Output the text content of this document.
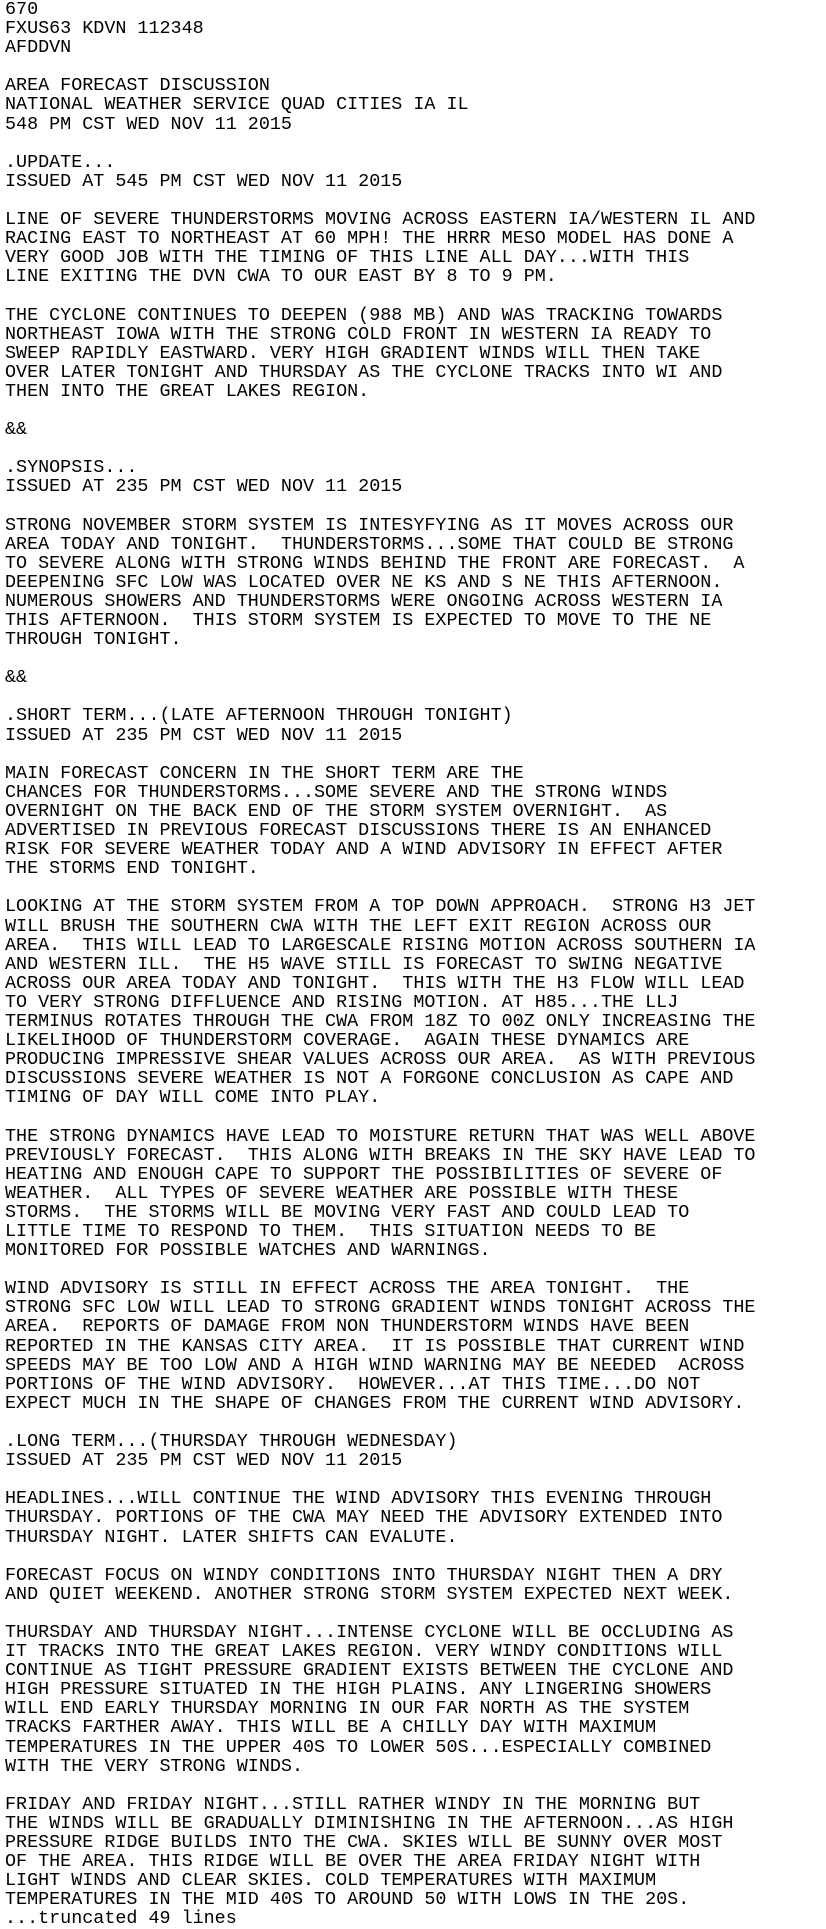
670
FXUS63 KDVN 112348
AFDDVN
AREA FORECAST DISCUSSION
NATIONAL WEATHER SERVICE QUAD CITIES IA IL
548 PM CST WED NOV 11 2015
.UPDATE...
ISSUED AT 545 PM CST WED NOV 11 2015
LINE OF SEVERE THUNDERSTORMS MOVING ACROSS EASTERN IA/WESTERN IL AND
RACING EAST TO NORTHEAST AT 60 MPH! THE HRRR MESO MODEL HAS DONE A
VERY GOOD JOB WITH THE TIMING OF THIS LINE ALL DAY...WITH THIS
LINE EXITING THE DVN CWA TO OUR EAST BY 8 TO 9 PM.
THE CYCLONE CONTINUES TO DEEPEN (988 MB) AND WAS TRACKING TOWARDS
NORTHEAST IOWA WITH THE STRONG COLD FRONT IN WESTERN IA READY TO
SWEEP RAPIDLY EASTWARD. VERY HIGH GRADIENT WINDS WILL THEN TAKE
OVER LATER TONIGHT AND THURSDAY AS THE CYCLONE TRACKS INTO WI AND
THEN INTO THE GREAT LAKES REGION.
&&
.SYNOPSIS...
ISSUED AT 235 PM CST WED NOV 11 2015
STRONG NOVEMBER STORM SYSTEM IS INTESYFYING AS IT MOVES ACROSS OUR
AREA TODAY AND TONIGHT.  THUNDERSTORMS...SOME THAT COULD BE STRONG
TO SEVERE ALONG WITH STRONG WINDS BEHIND THE FRONT ARE FORECAST.  A
DEEPENING SFC LOW WAS LOCATED OVER NE KS AND S NE THIS AFTERNOON.
NUMEROUS SHOWERS AND THUNDERSTORMS WERE ONGOING ACROSS WESTERN IA
THIS AFTERNOON.  THIS STORM SYSTEM IS EXPECTED TO MOVE TO THE NE
THROUGH TONIGHT.
&&
.SHORT TERM...(LATE AFTERNOON THROUGH TONIGHT)
ISSUED AT 235 PM CST WED NOV 11 2015
MAIN FORECAST CONCERN IN THE SHORT TERM ARE THE
CHANCES FOR THUNDERSTORMS...SOME SEVERE AND THE STRONG WINDS
OVERNIGHT ON THE BACK END OF THE STORM SYSTEM OVERNIGHT.  AS
ADVERTISED IN PREVIOUS FORECAST DISCUSSIONS THERE IS AN ENHANCED
RISK FOR SEVERE WEATHER TODAY AND A WIND ADVISORY IN EFFECT AFTER
THE STORMS END TONIGHT.
LOOKING AT THE STORM SYSTEM FROM A TOP DOWN APPROACH.  STRONG H3 JET
WILL BRUSH THE SOUTHERN CWA WITH THE LEFT EXIT REGION ACROSS OUR
AREA.  THIS WILL LEAD TO LARGESCALE RISING MOTION ACROSS SOUTHERN IA
AND WESTERN ILL.  THE H5 WAVE STILL IS FORECAST TO SWING NEGATIVE
ACROSS OUR AREA TODAY AND TONIGHT.  THIS WITH THE H3 FLOW WILL LEAD
TO VERY STRONG DIFFLUENCE AND RISING MOTION. AT H85...THE LLJ
TERMINUS ROTATES THROUGH THE CWA FROM 18Z TO 00Z ONLY INCREASING THE
LIKELIHOOD OF THUNDERSTORM COVERAGE.  AGAIN THESE DYNAMICS ARE
PRODUCING IMPRESSIVE SHEAR VALUES ACROSS OUR AREA.  AS WITH PREVIOUS
DISCUSSIONS SEVERE WEATHER IS NOT A FORGONE CONCLUSION AS CAPE AND
TIMING OF DAY WILL COME INTO PLAY.
THE STRONG DYNAMICS HAVE LEAD TO MOISTURE RETURN THAT WAS WELL ABOVE
PREVIOUSLY FORECAST.  THIS ALONG WITH BREAKS IN THE SKY HAVE LEAD TO
HEATING AND ENOUGH CAPE TO SUPPORT THE POSSIBILITIES OF SEVERE OF
WEATHER.  ALL TYPES OF SEVERE WEATHER ARE POSSIBLE WITH THESE
STORMS.  THE STORMS WILL BE MOVING VERY FAST AND COULD LEAD TO
LITTLE TIME TO RESPOND TO THEM.  THIS SITUATION NEEDS TO BE
MONITORED FOR POSSIBLE WATCHES AND WARNINGS.
WIND ADVISORY IS STILL IN EFFECT ACROSS THE AREA TONIGHT.  THE
STRONG SFC LOW WILL LEAD TO STRONG GRADIENT WINDS TONIGHT ACROSS THE
AREA.  REPORTS OF DAMAGE FROM NON THUNDERSTORM WINDS HAVE BEEN
REPORTED IN THE KANSAS CITY AREA.  IT IS POSSIBLE THAT CURRENT WIND
SPEEDS MAY BE TOO LOW AND A HIGH WIND WARNING MAY BE NEEDED  ACROSS
PORTIONS OF THE WIND ADVISORY.  HOWEVER...AT THIS TIME...DO NOT
EXPECT MUCH IN THE SHAPE OF CHANGES FROM THE CURRENT WIND ADVISORY.
.LONG TERM...(THURSDAY THROUGH WEDNESDAY)
ISSUED AT 235 PM CST WED NOV 11 2015
HEADLINES...WILL CONTINUE THE WIND ADVISORY THIS EVENING THROUGH
THURSDAY. PORTIONS OF THE CWA MAY NEED THE ADVISORY EXTENDED INTO
THURSDAY NIGHT. LATER SHIFTS CAN EVALUTE.
FORECAST FOCUS ON WINDY CONDITIONS INTO THURSDAY NIGHT THEN A DRY
AND QUIET WEEKEND. ANOTHER STRONG STORM SYSTEM EXPECTED NEXT WEEK.
THURSDAY AND THURSDAY NIGHT...INTENSE CYCLONE WILL BE OCCLUDING AS
IT TRACKS INTO THE GREAT LAKES REGION. VERY WINDY CONDITIONS WILL
CONTINUE AS TIGHT PRESSURE GRADIENT EXISTS BETWEEN THE CYCLONE AND
HIGH PRESSURE SITUATED IN THE HIGH PLAINS. ANY LINGERING SHOWERS
WILL END EARLY THURSDAY MORNING IN OUR FAR NORTH AS THE SYSTEM
TRACKS FARTHER AWAY. THIS WILL BE A CHILLY DAY WITH MAXIMUM
TEMPERATURES IN THE UPPER 40S TO LOWER 50S...ESPECIALLY COMBINED
WITH THE VERY STRONG WINDS.
FRIDAY AND FRIDAY NIGHT...STILL RATHER WINDY IN THE MORNING BUT
THE WINDS WILL BE GRADUALLY DIMINISHING IN THE AFTERNOON...AS HIGH
PRESSURE RIDGE BUILDS INTO THE CWA. SKIES WILL BE SUNNY OVER MOST
OF THE AREA. THIS RIDGE WILL BE OVER THE AREA FRIDAY NIGHT WITH
LIGHT WINDS AND CLEAR SKIES. COLD TEMPERATURES WITH MAXIMUM
TEMPERATURES IN THE MID 40S TO AROUND 50 WITH LOWS IN THE 20S.
...truncated 49 lines
